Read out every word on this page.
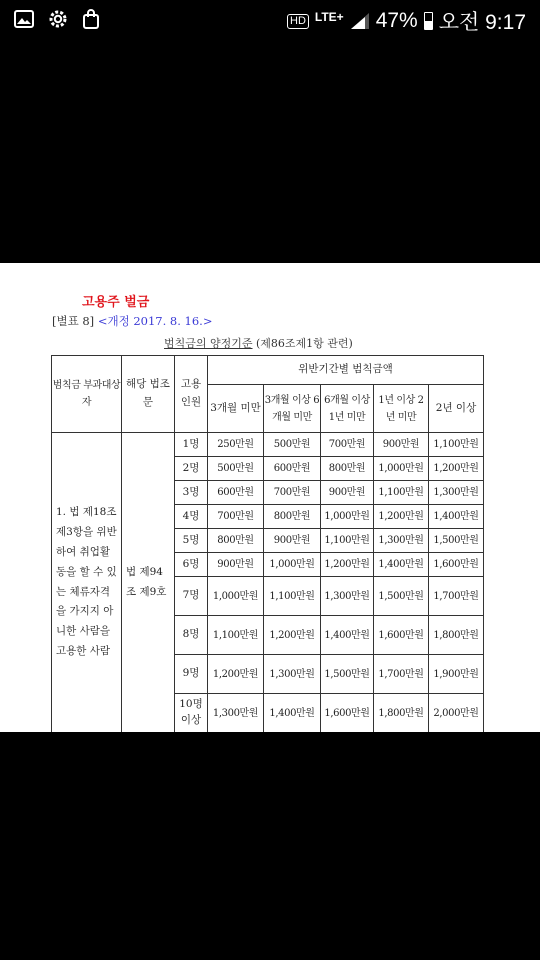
HD LTE+ 47% 오전 9:17
고용주 벌금
[별표 8] <개정 2017. 8. 16.>
범칙금의 양정기준 (제86조제1항 관련)
범칙금 부과대상자	해당 법조문	고용 인원	위반기간별 범칙금액				
			3개월 미만	3개월 이상 6개월 미만	6개월 이상 1년 미만	1년 이상 2년 미만	2년 이상
1. 법 제18조 제3항을 위반하여 취업활동을 할 수 있는 체류자격을 가지지 아니한 사람을 고용한 사람	법 제94조 제9호	1명	250만원	500만원	700만원	900만원	1,100만원
		2명	500만원	600만원	800만원	1,000만원	1,200만원
		3명	600만원	700만원	900만원	1,100만원	1,300만원
		4명	700만원	800만원	1,000만원	1,200만원	1,400만원
		5명	800만원	900만원	1,100만원	1,300만원	1,500만원
		6명	900만원	1,000만원	1,200만원	1,400만원	1,600만원
		7명	1,000만원	1,100만원	1,300만원	1,500만원	1,700만원
		8명	1,100만원	1,200만원	1,400만원	1,600만원	1,800만원
		9명	1,200만원	1,300만원	1,500만원	1,700만원	1,900만원
		10명 이상	1,300만원	1,400만원	1,600만원	1,800만원	2,000만원
